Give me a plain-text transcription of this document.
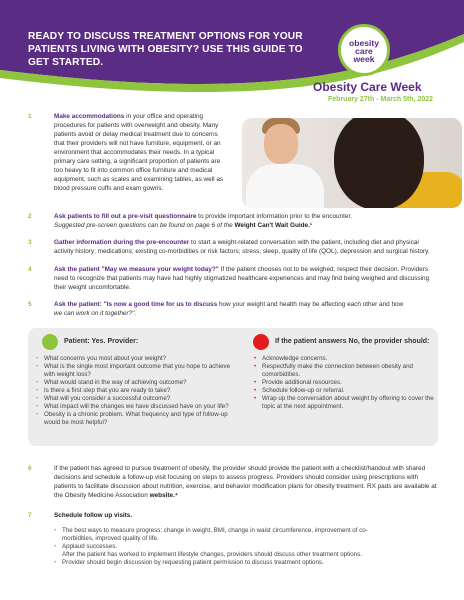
READY TO DISCUSS TREATMENT OPTIONS FOR YOUR PATIENTS LIVING WITH OBESITY? USE THIS GUIDE TO GET STARTED.
obesity
care
week
Obesity Care Week
February 27th - March 5th, 2022
1	Make accommodations in your office and operating procedures for patients with overweight and obesity. Many patients avoid or delay medical treatment due to concerns that their providers will not have furniture, equipment, or an environment that accommodates their needs. In a typical primary care setting, a significant proportion of patients are too heavy to fit into common office furniture and medical equipment, such as scales and examining tables, as well as blood pressure cuffs and exam gowns.
2	Ask patients to fill out a pre-visit questionnaire to provide important information prior to the encounter.
Suggested pre-screen questions can be found on page 6 of the Weight Can't Wait Guide.¹
3	Gather information during the pre-encounter to start a weight-related conversation with the patient, including diet and physical activity history; medications; existing co-morbidities or risk factors; stress; sleep, quality of life (QOL), depression and surgical history.
4	Ask the patient "May we measure your weight today?" If the patient chooses not to be weighed, respect their decision. Providers need to recognize that patients may have had highly stigmatized healthcare experiences and may find being weighed and discussing their weight uncomfortable.
5	Ask the patient: "Is now a good time for us to discuss how your weight and health may be affecting each other and how
we can work on it together?".
Patient: Yes. Provider:
• What concerns you most about your weight?
• What is the single most important outcome that you hope to achieve with weight loss?
• What would stand in the way of achieving outcome?
• Is there a first step that you are ready to take?
• What will you consider a successful outcome?
• What impact will the changes we have discussed have on your life?
• Obesity is a chronic problem. What frequency and type of follow-up would be most helpful?
If the patient answers No, the provider should:
• Acknowledge concerns.
• Respectfully make the connection between obesity and comorbidities.
• Provide additional resources.
• Schedule follow-up or referral.
• Wrap up the conversation about weight by offering to cover the topic at the next appointment.
6	If the patient has agreed to pursue treatment of obesity, the provider should provide the patient with a checklist/handout with shared decisions and schedule a follow-up visit focusing on steps to assess progress. Providers should consider using prescriptions with patients to facilitate discussion about nutrition, exercise, and behavior modification plans for obesity treatment. RX pads are available at the Obesity Medicine Association website.⁴
7	Schedule follow up visits.
• The best ways to measure progress: change in weight, BMI, change in waist circumference, improvement of co-morbidities, improved quality of life.
• Applaud successes.
After the patient has worked to implement lifestyle changes, providers should discuss other treatment options.
• Provider should begin discussion by requesting patient permission to discuss treatment options.
